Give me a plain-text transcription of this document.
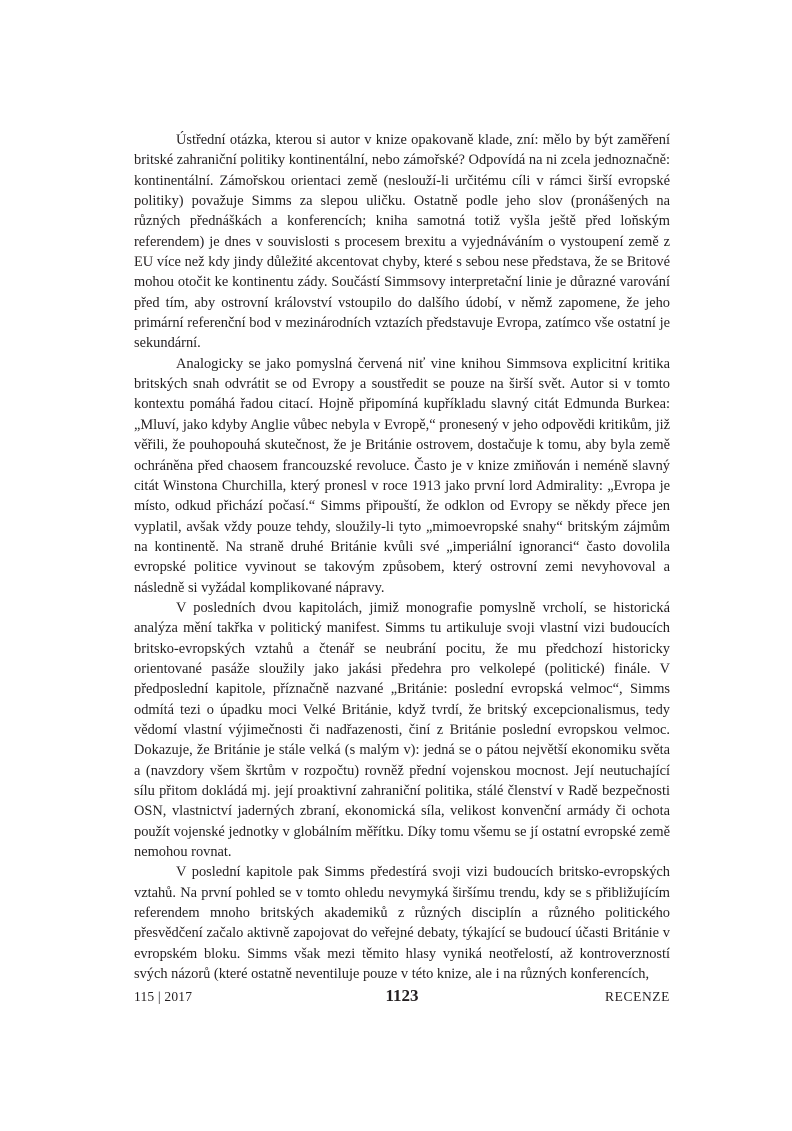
Ústřední otázka, kterou si autor v knize opakovaně klade, zní: mělo by být zaměření britské zahraniční politiky kontinentální, nebo zámořské? Odpovídá na ni zcela jednoznačně: kontinentální. Zámořskou orientaci země (neslouží-li určitému cíli v rámci širší evropské politiky) považuje Simms za slepou uličku. Ostatně podle jeho slov (pronášených na různých přednáškách a konferencích; kniha samotná totiž vyšla ještě před loňským referendem) je dnes v souvislosti s procesem brexitu a vyjednáváním o vystoupení země z EU více než kdy jindy důležité akcentovat chyby, které s sebou nese představa, že se Britové mohou otočit ke kontinentu zády. Součástí Simmsovy interpretační linie je důrazné varování před tím, aby ostrovní království vstoupilo do dalšího údobí, v němž zapomene, že jeho primární referenční bod v mezinárodních vztazích představuje Evropa, zatímco vše ostatní je sekundární.

Analogicky se jako pomyslná červená niť vine knihou Simmsova explicitní kritika britských snah odvrátit se od Evropy a soustředit se pouze na širší svět. Autor si v tomto kontextu pomáhá řadou citací. Hojně připomíná kupříkladu slavný citát Edmunda Burkea: „Mluví, jako kdyby Anglie vůbec nebyla v Evropě,“ pronesený v jeho odpovědi kritikům, již věřili, že pouhopouhá skutečnost, že je Británie ostrovem, dostačuje k tomu, aby byla země ochráněna před chaosem francouzské revoluce. Často je v knize zmiňován i neméně slavný citát Winstona Churchilla, který pronesl v roce 1913 jako první lord Admirality: „Evropa je místo, odkud přichází počasí.“ Simms připouští, že odklon od Evropy se někdy přece jen vyplatil, avšak vždy pouze tehdy, sloužily-li tyto „mimoevropské snahy“ britským zájmům na kontinentě. Na straně druhé Británie kvůli své „imperiální ignoranci“ často dovolila evropské politice vyvinout se takovým způsobem, který ostrovní zemi nevyhovoval a následně si vyžádal komplikované nápravy.

V posledních dvou kapitolách, jimiž monografie pomyslně vrcholí, se historická analýza mění takřka v politický manifest. Simms tu artikuluje svoji vlastní vizi budoucích britsko-evropských vztahů a čtenář se neubrání pocitu, že mu předchozí historicky orientované pasáže sloužily jako jakási předehra pro velkolepé (politické) finále. V předposlední kapitole, příznačně nazvané „Británie: poslední evropská velmoc“, Simms odmítá tezi o úpadku moci Velké Británie, když tvrdí, že britský excepcionalismus, tedy vědomí vlastní výjimečnosti či nadřazenosti, činí z Británie poslední evropskou velmoc. Dokazuje, že Británie je stále velká (s malým v): jedná se o pátou největší ekonomiku světa a (navzdory všem škrtům v rozpočtu) rovněž přední vojenskou mocnost. Její neutuchající sílu přitom dokládá mj. její proaktivní zahraniční politika, stálé členství v Radě bezpečnosti OSN, vlastnictví jaderných zbraní, ekonomická síla, velikost konvenční armády či ochota použít vojenské jednotky v globálním měřítku. Díky tomu všemu se jí ostatní evropské země nemohou rovnat.

V poslední kapitole pak Simms předestírá svoji vizi budoucích britsko-evropských vztahů. Na první pohled se v tomto ohledu nevymyká širšímu trendu, kdy se s přibližujícím referendem mnoho britských akademiků z různých disciplín a různého politického přesvědčení začalo aktivně zapojovat do veřejné debaty, týkající se budoucí účasti Británie v evropském bloku. Simms však mezi těmito hlasy vyniká neotřelostí, až kontroverzností svých názorů (které ostatně neventiluje pouze v této knize, ale i na různých konferencích,

115 | 2017	1123	RECENZE
